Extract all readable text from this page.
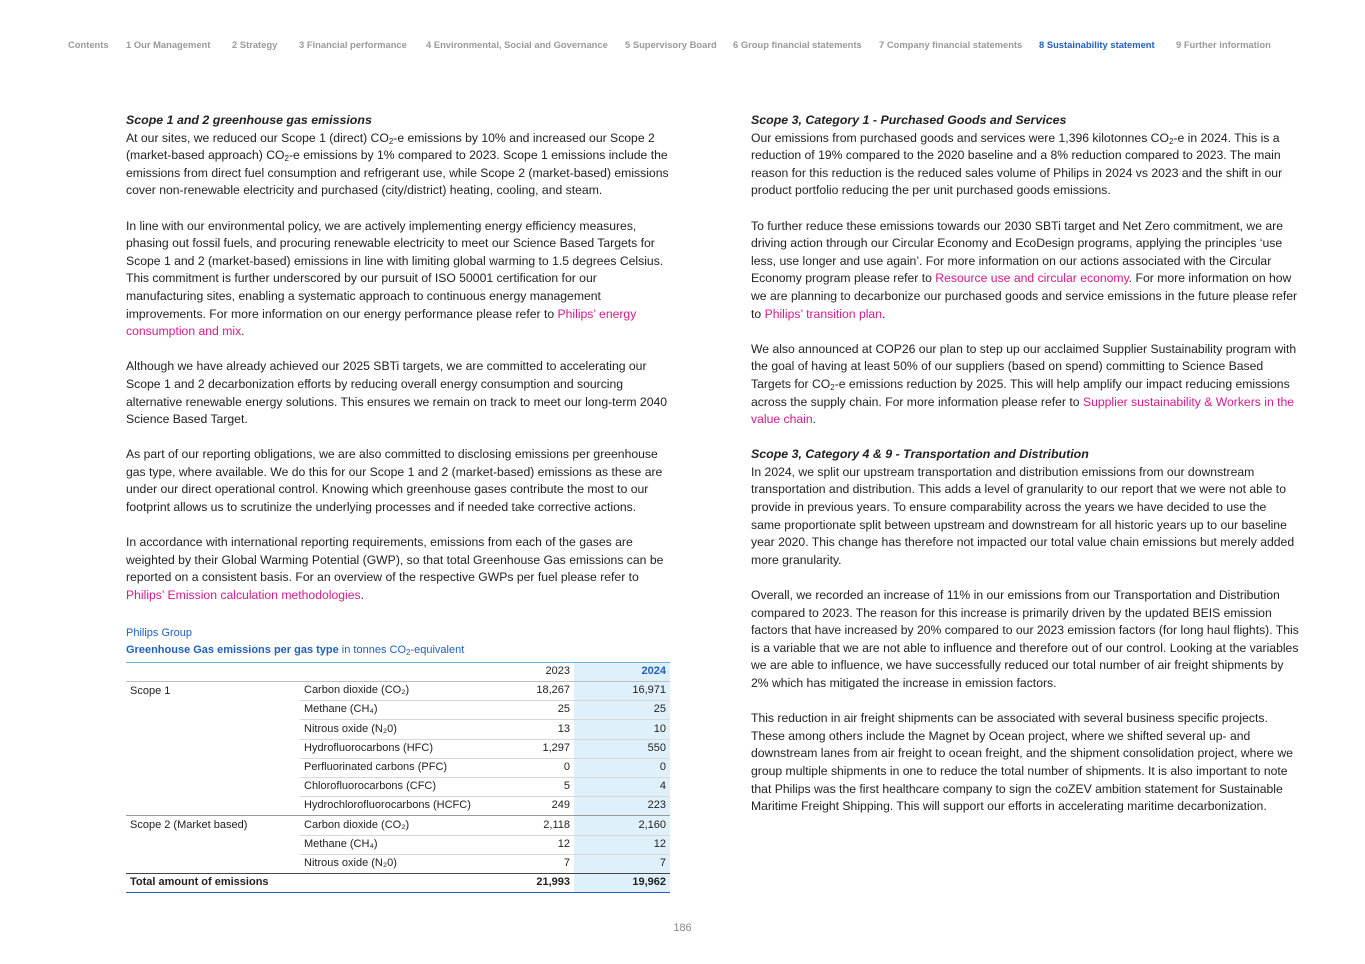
Contents 1 Our Management 2 Strategy 3 Financial performance 4 Environmental, Social and Governance 5 Supervisory Board 6 Group financial statements 7 Company financial statements 8 Sustainability statement 9 Further information

Scope 1 and 2 greenhouse gas emissions

At our sites, we reduced our Scope 1 (direct) $CO_2-e$ emissions by 10% and increased our Scope 2 (market-based approach) $CO_2-e$ emissions by 1% compared to 2023. Scope 1 emissions include the emissions from direct fuel consumption and refrigerant use, while Scope 2 (market-based) emissions cover non-renewable electricity and purchased (city/district) heating, cooling, and steam.

In line with our environmental policy, we are actively implementing energy efficiency measures, phasing out fossil fuels, and procuring renewable electricity to meet our Science Based Targets for Scope 1 and 2 (market-based) emissions in line with limiting global warming to 1.5 degrees Celsius. This commitment is further underscored by our pursuit of ISO 50001 certification for our manufacturing sites, enabling a systematic approach to continuous energy management improvements. For more information on our energy performance please refer to Philips’ energy consumption and mix.

Although we have already achieved our 2025 SBTi targets, we are committed to accelerating our Scope 1 and 2 decarbonization efforts by reducing overall energy consumption and sourcing alternative renewable energy solutions. This ensures we remain on track to meet our long-term 2040 Science Based Target.

As part of our reporting obligations, we are also committed to disclosing emissions per greenhouse gas type, where available. We do this for our Scope 1 and 2 (market-based) emissions as these are under our direct operational control. Knowing which greenhouse gases contribute the most to our footprint allows us to scrutinize the underlying processes and if needed take corrective actions.

In accordance with international reporting requirements, emissions from each of the gases are weighted by their Global Warming Potential (GWP), so that total Greenhouse Gas emissions can be reported on a consistent basis. For an overview of the respective GWPs per fuel please refer to Philips’ Emission calculation methodologies.

Philips Group
Greenhouse Gas emissions per gas type in tonnes $CO_2$-equivalent
		2023	2024
Scope 1	Carbon dioxide (CO₂)	18,267	16,971
	Methane (CH₄)	25	25
	Nitrous oxide (N₂0)	13	10
	Hydrofluorocarbons (HFC)	1,297	550
	Perfluorinated carbons (PFC)	0	0
	Chlorofluorocarbons (CFC)	5	4
	Hydrochlorofluorocarbons (HCFC)	249	223
Scope 2 (Market based)	Carbon dioxide (CO₂)	2,118	2,160
	Methane (CH₄)	12	12
	Nitrous oxide (N₂0)	7	7
Total amount of emissions		21,993	19,962

Scope 3, Category 1 - Purchased Goods and Services

Our emissions from purchased goods and services were 1,396 kilotonnes $CO_2-e$ in 2024. This is a reduction of 19% compared to the 2020 baseline and a 8% reduction compared to 2023. The main reason for this reduction is the reduced sales volume of Philips in 2024 vs 2023 and the shift in our product portfolio reducing the per unit purchased goods emissions.

To further reduce these emissions towards our 2030 SBTi target and Net Zero commitment, we are driving action through our Circular Economy and EcoDesign programs, applying the principles ‘use less, use longer and use again’. For more information on our actions associated with the Circular Economy program please refer to Resource use and circular economy. For more information on how we are planning to decarbonize our purchased goods and service emissions in the future please refer to Philips’ transition plan.

We also announced at COP26 our plan to step up our acclaimed Supplier Sustainability program with the goal of having at least 50% of our suppliers (based on spend) committing to Science Based Targets for $CO_2-e$ emissions reduction by 2025. This will help amplify our impact reducing emissions across the supply chain. For more information please refer to Supplier sustainability & Workers in the value chain.

Scope 3, Category 4 & 9 - Transportation and Distribution

In 2024, we split our upstream transportation and distribution emissions from our downstream transportation and distribution. This adds a level of granularity to our report that we were not able to provide in previous years. To ensure comparability across the years we have decided to use the same proportionate split between upstream and downstream for all historic years up to our baseline year 2020. This change has therefore not impacted our total value chain emissions but merely added more granularity.

Overall, we recorded an increase of 11% in our emissions from our Transportation and Distribution compared to 2023. The reason for this increase is primarily driven by the updated BEIS emission factors that have increased by 20% compared to our 2023 emission factors (for long haul flights). This is a variable that we are not able to influence and therefore out of our control. Looking at the variables we are able to influence, we have successfully reduced our total number of air freight shipments by 2% which has mitigated the increase in emission factors.

This reduction in air freight shipments can be associated with several business specific projects. These among others include the Magnet by Ocean project, where we shifted several up- and downstream lanes from air freight to ocean freight, and the shipment consolidation project, where we group multiple shipments in one to reduce the total number of shipments. It is also important to note that Philips was the first healthcare company to sign the coZEV ambition statement for Sustainable Maritime Freight Shipping. This will support our efforts in accelerating maritime decarbonization.

186
